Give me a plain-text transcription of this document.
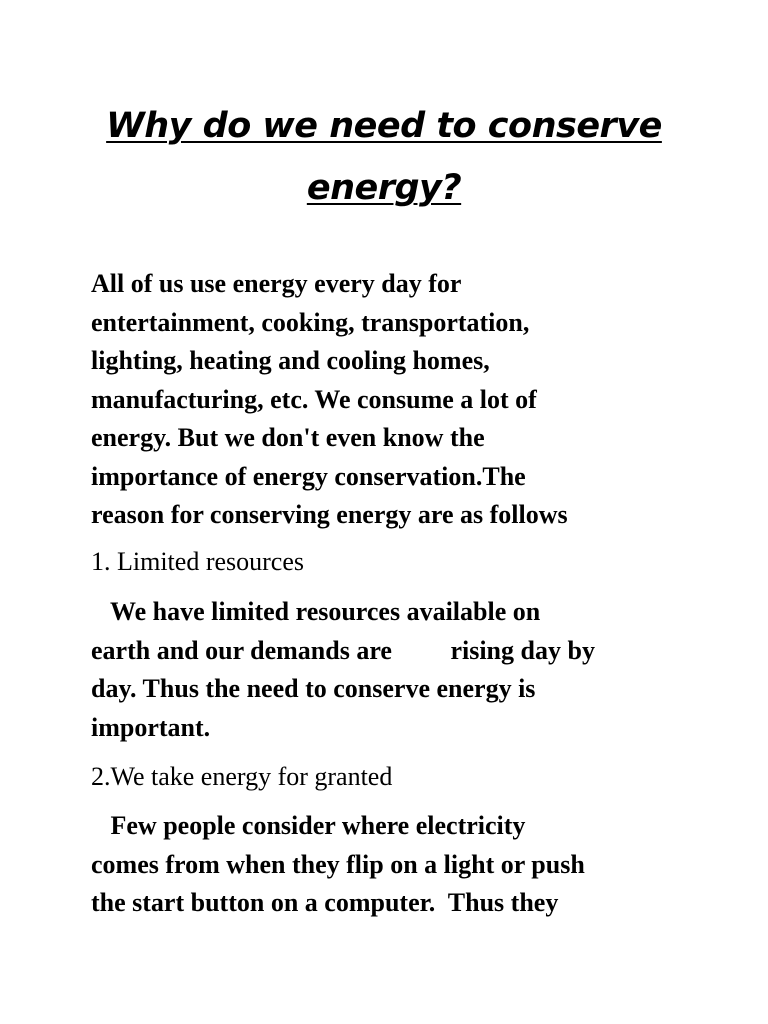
Why do we need to conserve
energy?
All of us use energy every day for
entertainment, cooking, transportation,
lighting, heating and cooling homes,
manufacturing, etc. We consume a lot of
energy. But we don't even know the
importance of energy conservation.The
reason for conserving energy are as follows
1. Limited resources
We have limited resources available on
earth and our demands are         rising day by
day. Thus the need to conserve energy is
important.
2.We take energy for granted
Few people consider where electricity
comes from when they flip on a light or push
the start button on a computer.  Thus they
